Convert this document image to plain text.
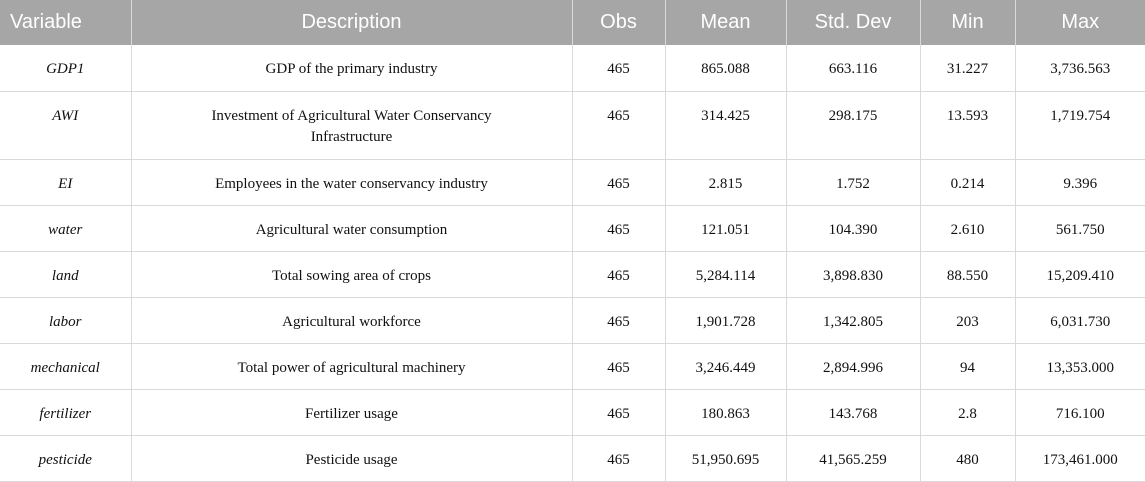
Variable	Description	Obs	Mean	Std. Dev	Min	Max
GDP1	GDP of the primary industry	465	865.088	663.116	31.227	3,736.563
AWI	Investment of Agricultural Water Conservancy Infrastructure	465	314.425	298.175	13.593	1,719.754
EI	Employees in the water conservancy industry	465	2.815	1.752	0.214	9.396
water	Agricultural water consumption	465	121.051	104.390	2.610	561.750
land	Total sowing area of crops	465	5,284.114	3,898.830	88.550	15,209.410
labor	Agricultural workforce	465	1,901.728	1,342.805	203	6,031.730
mechanical	Total power of agricultural machinery	465	3,246.449	2,894.996	94	13,353.000
fertilizer	Fertilizer usage	465	180.863	143.768	2.8	716.100
pesticide	Pesticide usage	465	51,950.695	41,565.259	480	173,461.000
